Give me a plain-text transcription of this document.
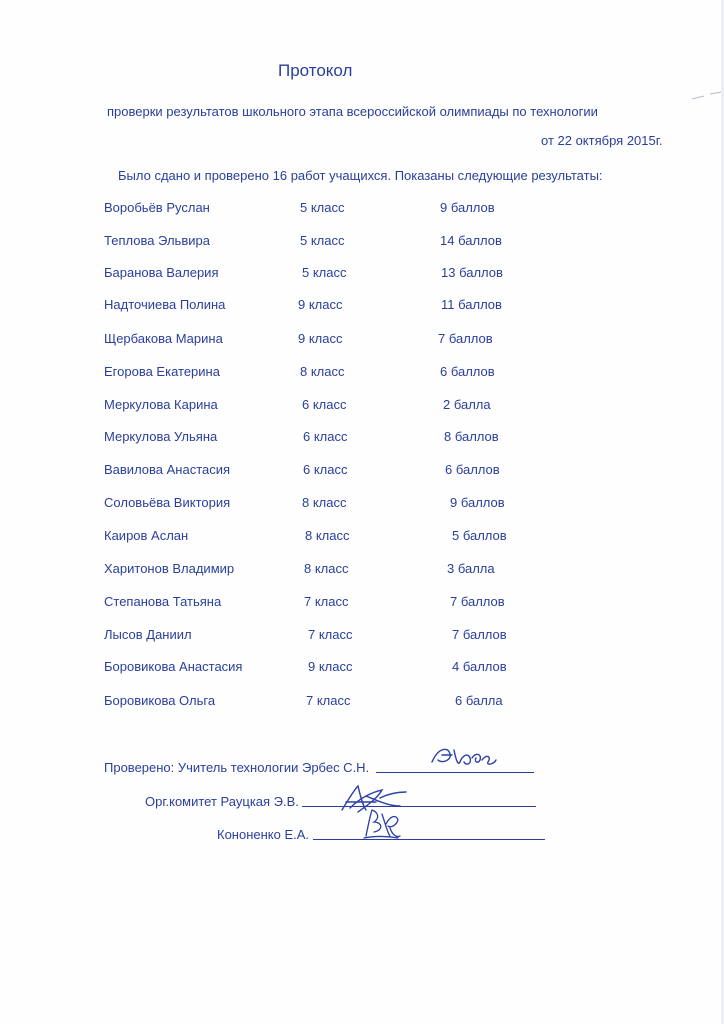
Протокол
проверки результатов школьного этапа всероссийской олимпиады по технологии
от 22 октября 2015г.
Было сдано и проверено 16 работ учащихся. Показаны следующие результаты:
Воробьёв Руслан	5 класс	9 баллов
Теплова Эльвира	5 класс	14 баллов
Баранова Валерия	5 класс	13 баллов
Надточиева Полина	9 класс	11 баллов
Щербакова Марина	9 класс	7 баллов
Егорова Екатерина	8 класс	6 баллов
Меркулова Карина	6 класс	2 балла
Меркулова Ульяна	6 класс	8 баллов
Вавилова Анастасия	6 класс	6 баллов
Соловьёва Виктория	8 класс	9 баллов
Каиров Аслан	8 класс	5 баллов
Харитонов Владимир	8 класс	3 балла
Степанова Татьяна	7 класс	7 баллов
Лысов Даниил	7 класс	7 баллов
Боровикова Анастасия	9 класс	4 баллов
Боровикова Ольга	7 класс	6 балла
Проверено: Учитель технологии Эрбес С.Н.
Орг.комитет Рауцкая Э.В.
Кононенко Е.А.
